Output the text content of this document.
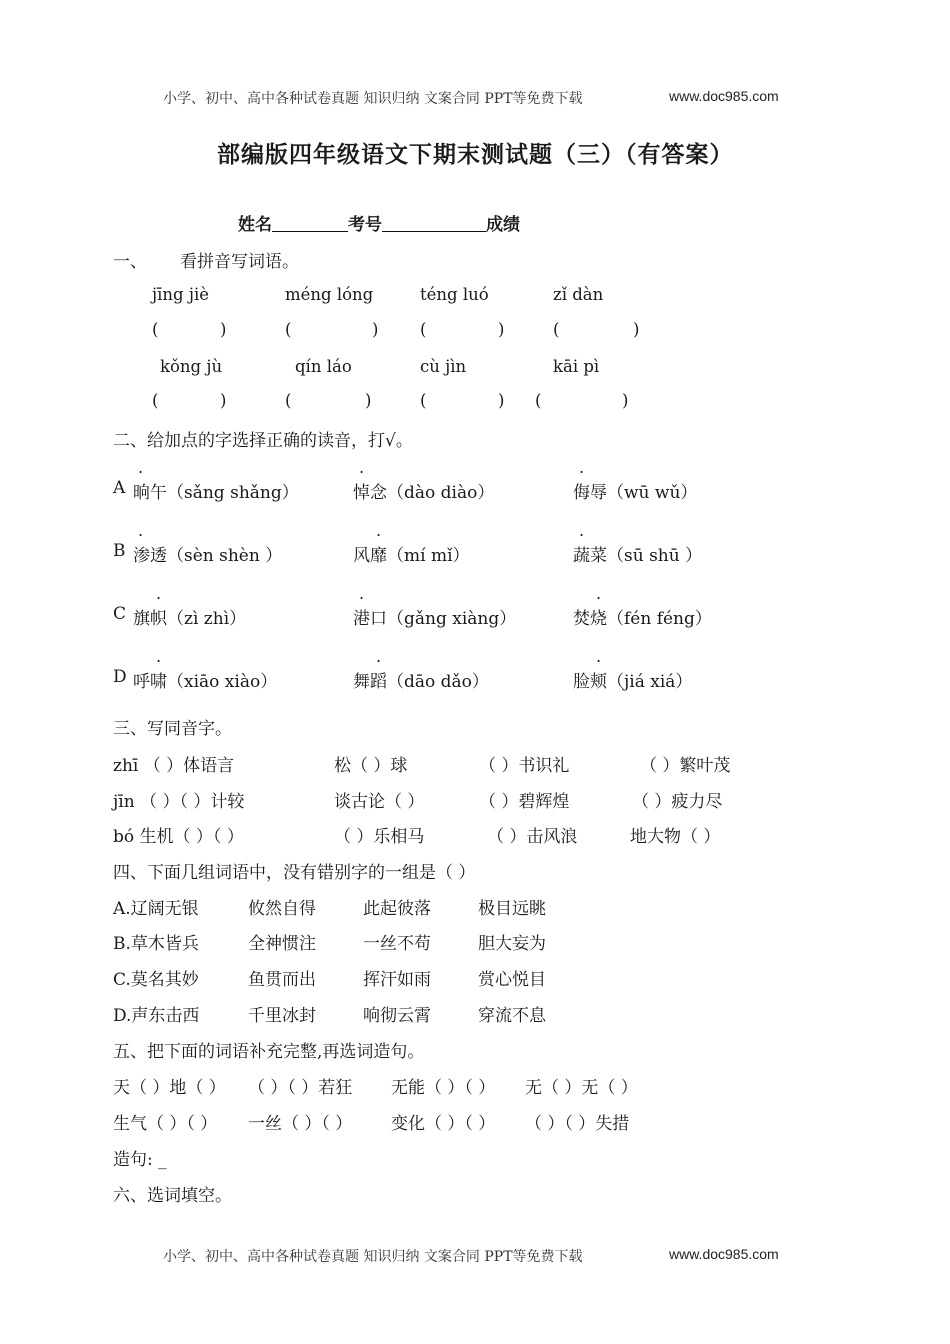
小学、初中、高中各种试卷真题 知识归纳 文案合同 PPT等免费下载	www.doc985.com
部编版四年级语文下期末测试题（三）（有答案）
姓名	考号	成绩
一、 看拼音写词语。
jīng jiè	méng lóng	téng luó	zǐ dàn
(	)	(	)	(	)	(	)
kǒng jù	qín láo	cù jìn	kāi pì
(	)	(	)	(	) (	)
二、给加点的字选择正确的读音，打√。
.	.	.
A 晌午（sǎng shǎng）	悼念（dào diào）	侮辱（wū wǔ）
.	.	.
B 渗透（sèn shèn ）	风靡（mí mǐ）	蔬菜（sū shū ）
.	.	.
C 旗帜（zì zhì）	港口（gǎng xiàng）	焚烧（fén féng）
.	.	.
D 呼啸（xiāo xiào）	舞蹈（dāo dǎo）	脸颊（jiá xiá）
三、写同音字。
zhī （ ）体语言	松（ ）球	（ ）书识礼	（ ）繁叶茂
jīn （ ）（ ）计较	谈古论（ ）	（ ）碧辉煌	（ ）疲力尽
bó 生机（ ）（ ）	（ ）乐相马	（ ）击风浪	地大物（ ）
四、下面几组词语中，没有错别字的一组是（ ）
A.辽阔无银	攸然自得	此起彼落	极目远眺
B.草木皆兵	全神惯注	一丝不苟	胆大妄为
C.莫名其妙	鱼贯而出	挥汗如雨	赏心悦目
D.声东击西	千里冰封	响彻云霄	穿流不息
五、把下面的词语补充完整,再选词造句。
天（ ）地（ ） （ ）（ ）若狂 无能（ ）（ ） 无（ ）无（ ）
生气（ ）（ ） 一丝（ ）（ ） 变化（ ）（ ） （ ）（ ）失措
造句: _
六、选词填空。
小学、初中、高中各种试卷真题 知识归纳 文案合同 PPT等免费下载	www.doc985.com
